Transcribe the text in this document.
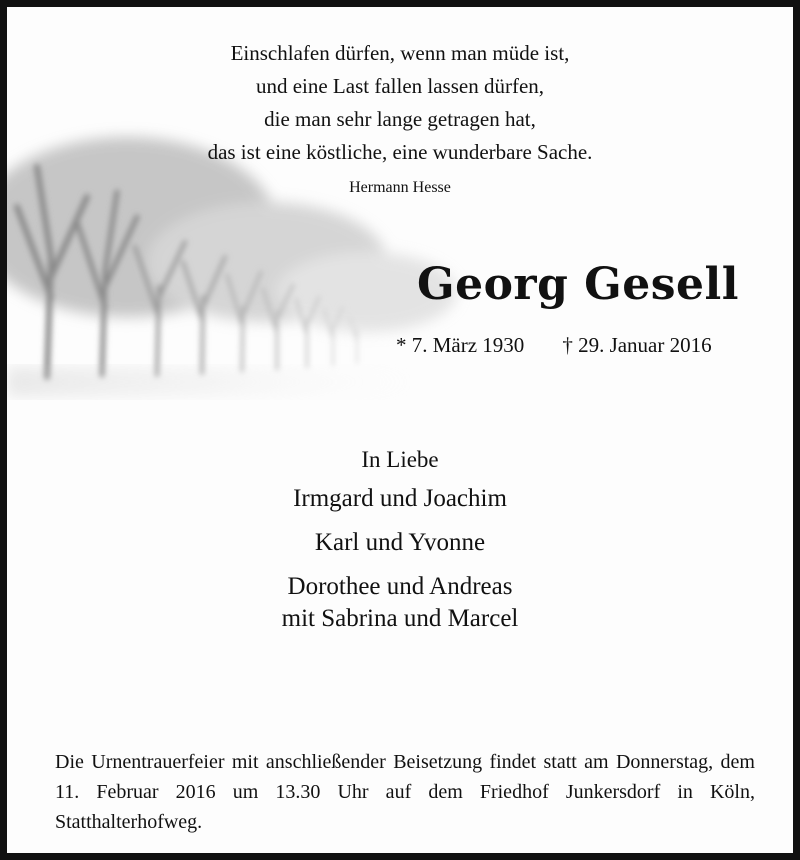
Einschlafen dürfen, wenn man müde ist,
und eine Last fallen lassen dürfen,
die man sehr lange getragen hat,
das ist eine köstliche, eine wunderbare Sache.
Hermann Hesse
Georg Gesell
* 7. März 1930 † 29. Januar 2016
In Liebe
Irmgard und Joachim
Karl und Yvonne
Dorothee und Andreas
mit Sabrina und Marcel
Die Urnentrauerfeier mit anschließender Beisetzung findet statt am Donnerstag, dem 11. Februar 2016 um 13.30 Uhr auf dem Friedhof Junkersdorf in Köln, Statthalterhofweg.
